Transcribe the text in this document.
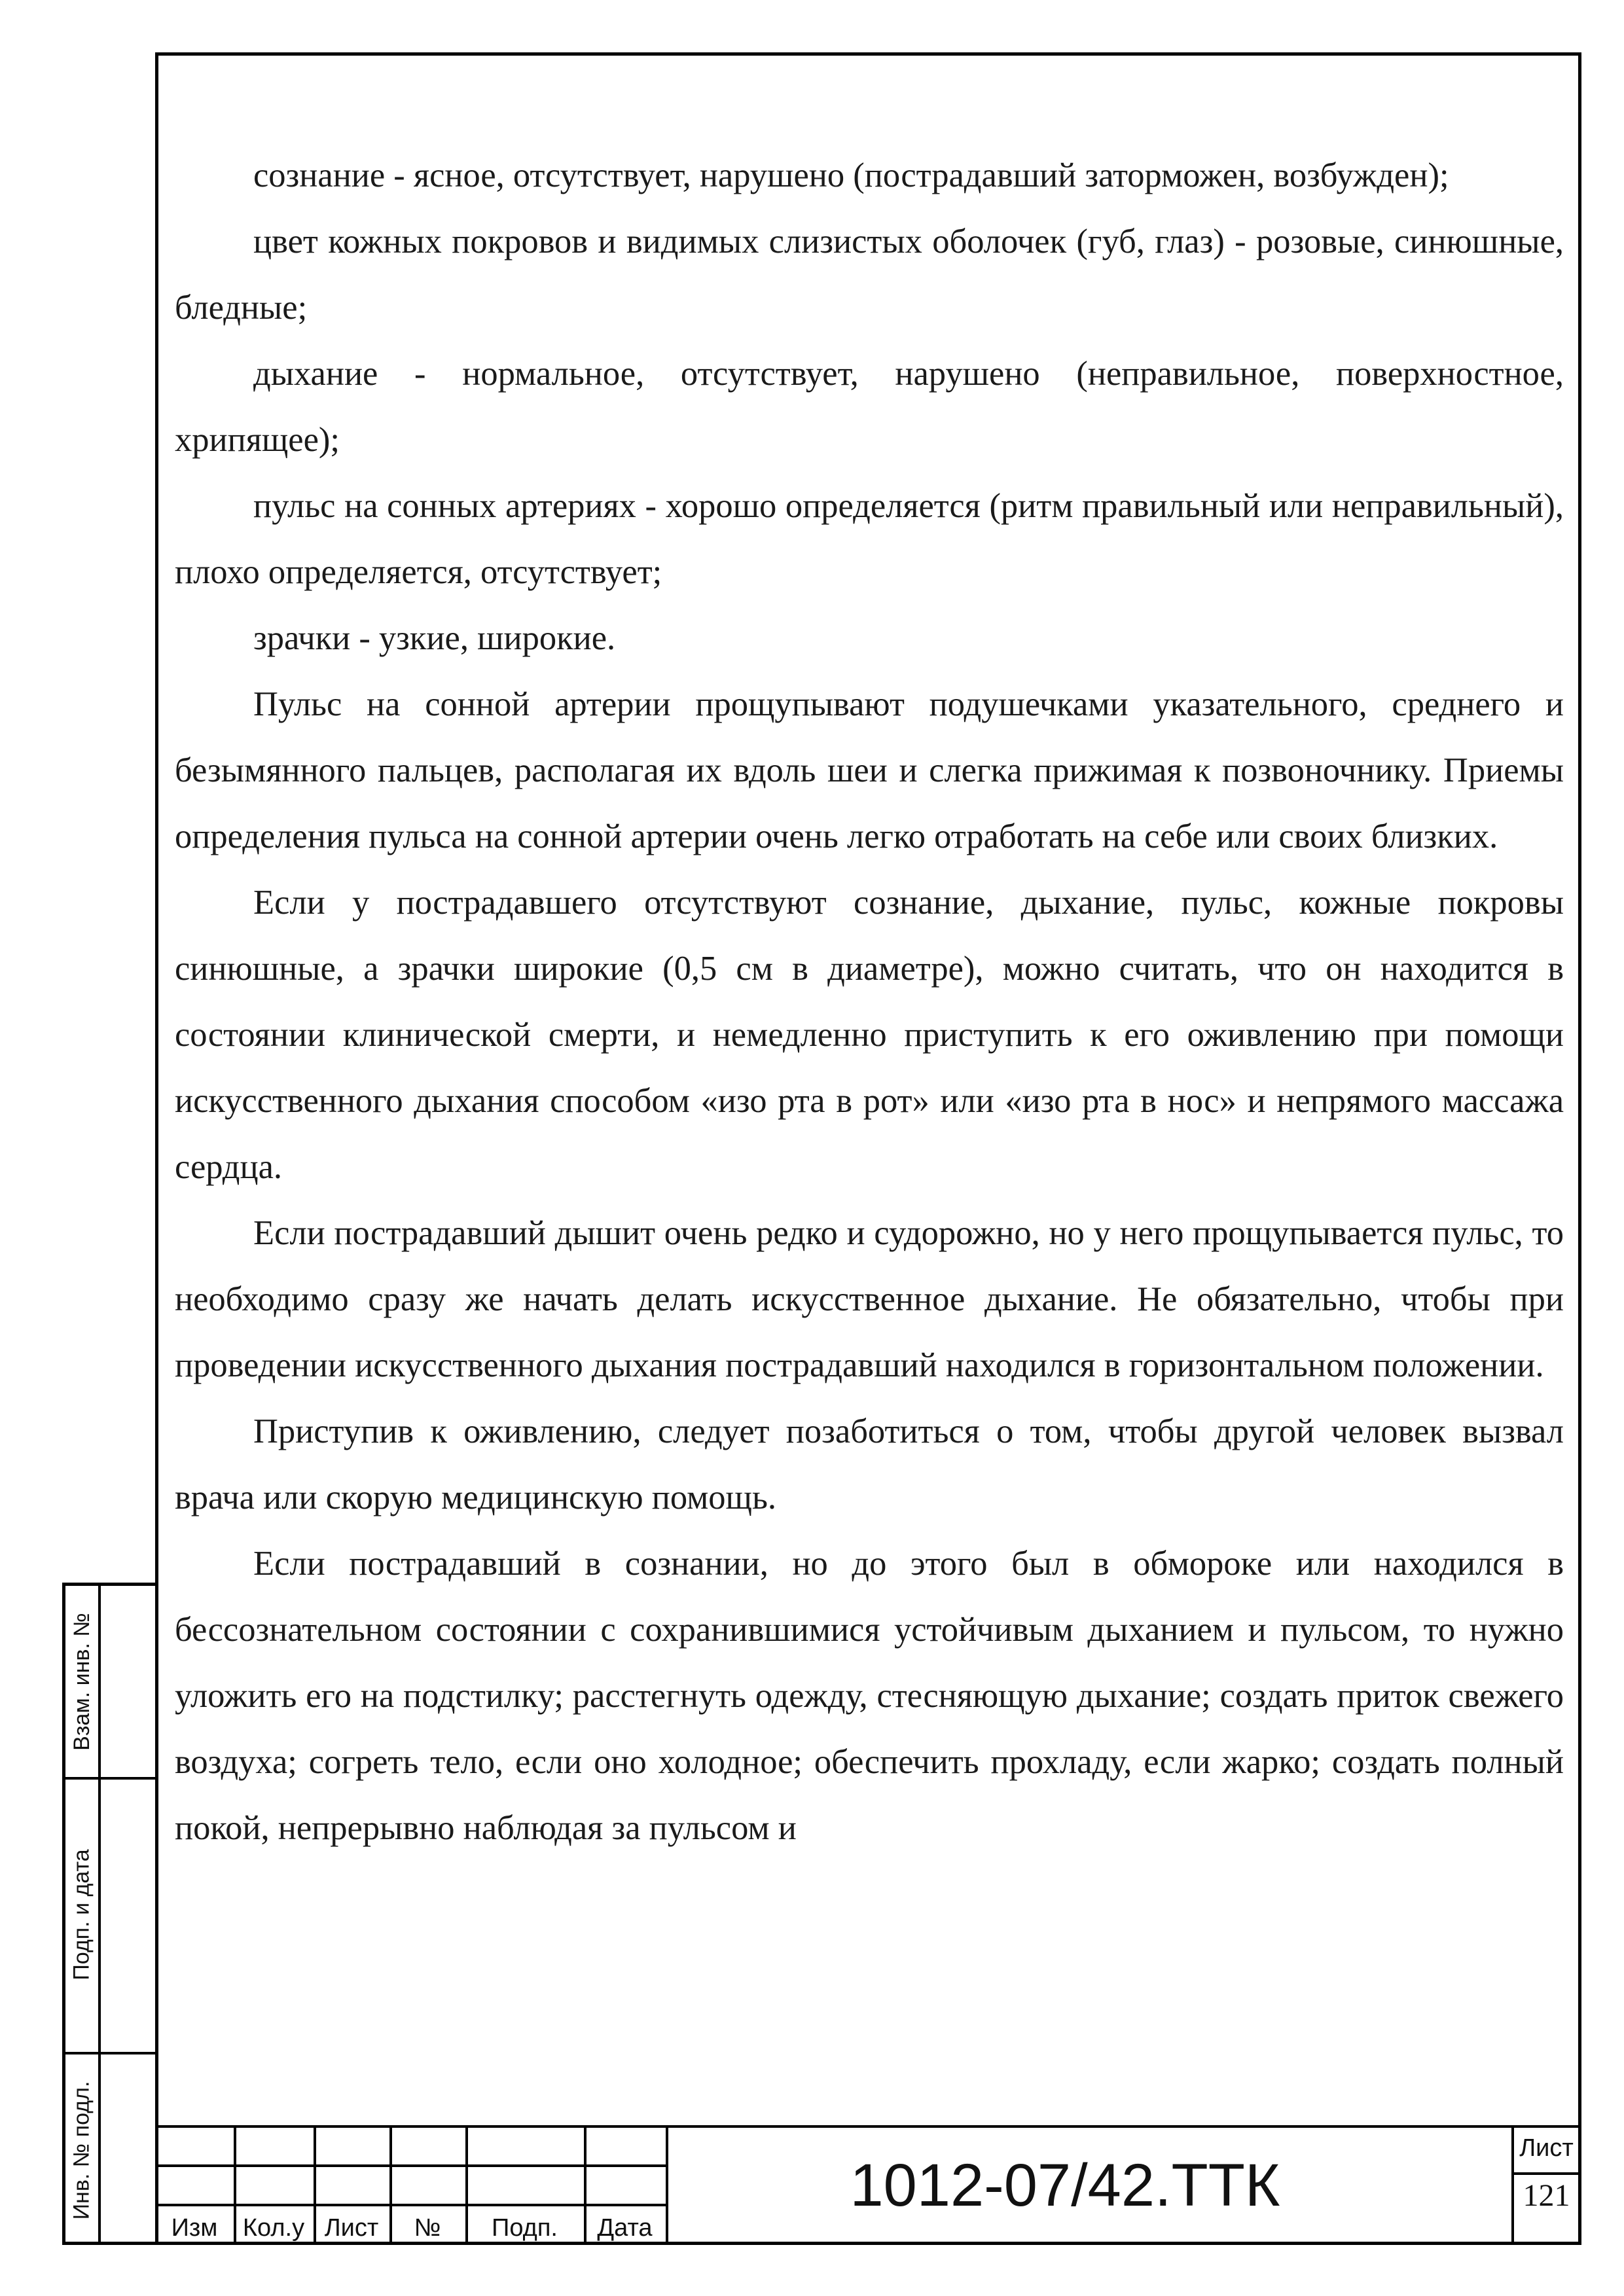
сознание - ясное, отсутствует, нарушено (пострадавший заторможен, возбужден);

цвет кожных покровов и видимых слизистых оболочек (губ, глаз) - розовые, синюшные, бледные;

дыхание - нормальное, отсутствует, нарушено (неправильное, поверхностное, хрипящее);

пульс на сонных артериях - хорошо определяется (ритм правильный или неправильный), плохо определяется, отсутствует;

зрачки - узкие, широкие.

Пульс на сонной артерии прощупывают подушечками указательного, среднего и безымянного пальцев, располагая их вдоль шеи и слегка прижимая к позвоночнику. Приемы определения пульса на сонной артерии очень легко отработать на себе или своих близких.

Если у пострадавшего отсутствуют сознание, дыхание, пульс, кожные покровы синюшные, а зрачки широкие (0,5 см в диаметре), можно считать, что он находится в состоянии клинической смерти, и немедленно приступить к его оживлению при помощи искусственного дыхания способом «изо рта в рот» или «изо рта в нос» и непрямого массажа сердца.

Если пострадавший дышит очень редко и судорожно, но у него прощупывается пульс, то необходимо сразу же начать делать искусственное дыхание. Не обязательно, чтобы при проведении искусственного дыхания пострадавший находился в горизонтальном положении.

Приступив к оживлению, следует позаботиться о том, чтобы другой человек вызвал врача или скорую медицинскую помощь.

Если пострадавший в сознании, но до этого был в обмороке или находился в бессознательном состоянии с сохранившимися устойчивым дыханием и пульсом, то нужно уложить его на подстилку; расстегнуть одежду, стесняющую дыхание; создать приток свежего воздуха; согреть тело, если оно холодное; обеспечить прохладу, если жарко; создать полный покой, непрерывно наблюдая за пульсом и

Взам. инв. №
Подп. и дата
Инв. № подл.
Изм	Кол.у Лист	№	Подп.	Дата
1012-07/42.ТТК
Лист
121
